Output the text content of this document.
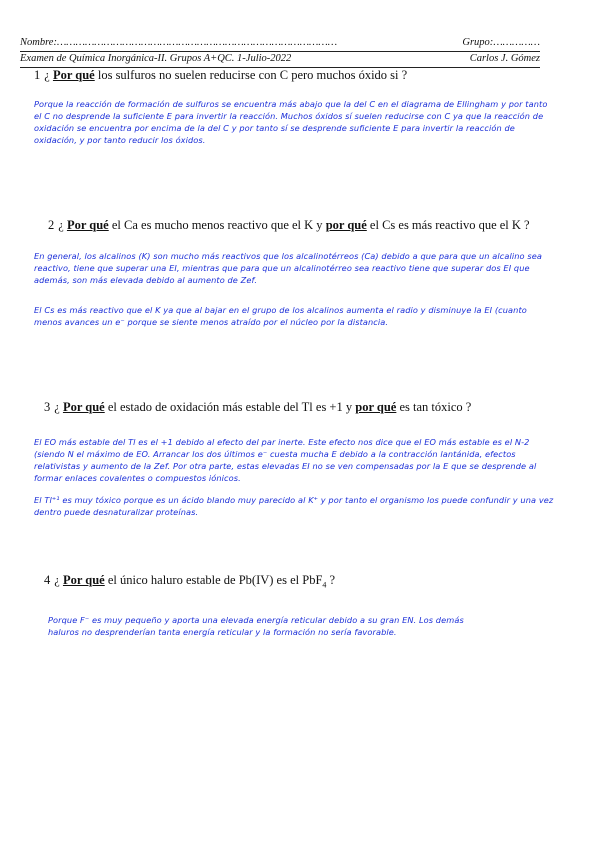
Nombre:………………………………………………………………………………	Grupo:……………
Examen de Química Inorgánica-II. Grupos A+QC. 1-Julio-2022	Carlos J. Gómez
1 ¿ Por qué los sulfuros no suelen reducirse con C pero muchos óxido si ?

Porque la reacción de formación de sulfuros se encuentra más abajo que la del C en el diagrama de Ellingham y por tanto el C no desprende la suficiente E para invertir la reacción. Muchos óxidos sí suelen reducirse con C ya que la reacción de oxidación se encuentra por encima de la del C y por tanto sí se desprende suficiente E para invertir la reacción de oxidación, y por tanto reducir los óxidos.

2 ¿ Por qué el Ca es mucho menos reactivo que el K y por qué el Cs es más reactivo que el K ?

En general, los alcalinos (K) son mucho más reactivos que los alcalinotérreos (Ca) debido a que para que un alcalino sea reactivo, tiene que superar una EI, mientras que para que un alcalinotérreo sea reactivo tiene que superar dos EI que además, son más elevada debido al aumento de Zef.

El Cs es más reactivo que el K ya que al bajar en el grupo de los alcalinos aumenta el radio y disminuye la EI (cuanto menos avances un e⁻ porque se siente menos atraído por el núcleo por la distancia.

3 ¿ Por qué el estado de oxidación más estable del Tl es +1 y por qué es tan tóxico ?

El EO más estable del Tl es el +1 debido al efecto del par inerte. Este efecto nos dice que el EO más estable es el N-2 (siendo N el máximo de EO. Arrancar los dos últimos e⁻ cuesta mucha E debido a la contracción lantánida, efectos relativistas y aumento de la Zef. Por otra parte, estas elevadas EI no se ven compensadas por la E que se desprende al formar enlaces covalentes o compuestos iónicos.

El Tl⁺¹ es muy tóxico porque es un ácido blando muy parecido al K⁺ y por tanto el organismo los puede confundir y una vez dentro puede desnaturalizar proteínas.

4 ¿ Por qué el único haluro estable de Pb(IV) es el PbF$_4$ ?

Porque F⁻ es muy pequeño y aporta una elevada energía reticular debido a su gran EN. Los demás haluros no desprenderían tanta energía reticular y la formación no sería favorable.
